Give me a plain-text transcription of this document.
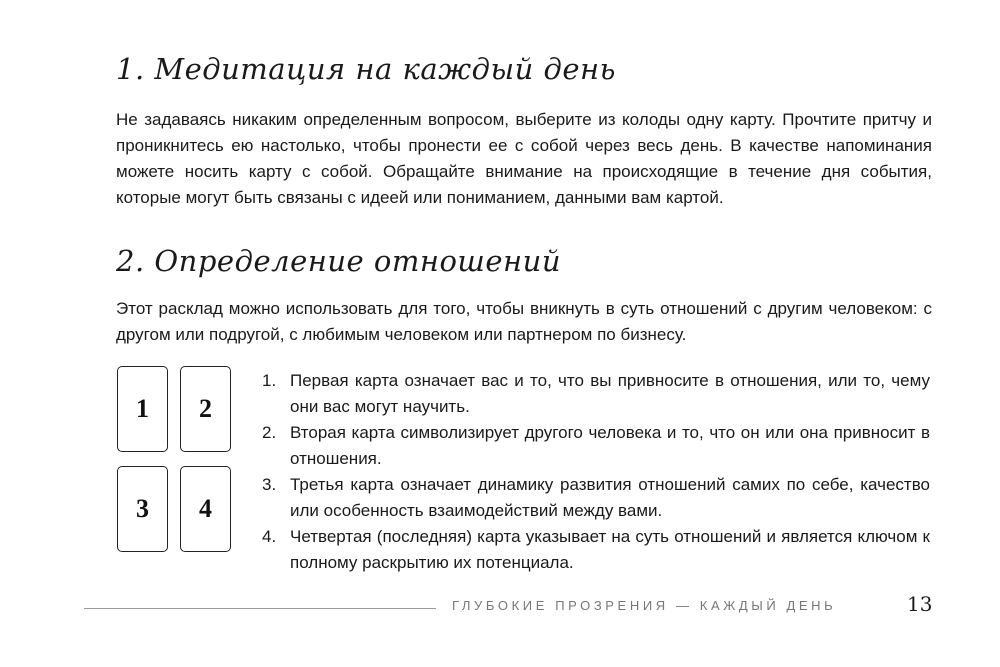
1. Медитация на каждый день

Не задаваясь никаким определенным вопросом, выберите из колоды одну карту. Прочтите притчу и проникнитесь ею настолько, чтобы пронести ее с собой через весь день. В качестве напоминания можете носить карту с собой. Обращайте внимание на происходящие в течение дня события, которые могут быть связаны с идеей или пониманием, данными вам картой.

2. Определение отношений

Этот расклад можно использовать для того, чтобы вникнуть в суть отношений с другим человеком: с другом или подругой, с любимым человеком или партнером по бизнесу.

1	2
3	4
1. Первая карта означает вас и то, что вы привносите в отношения, или то, чему они вас могут научить.
2. Вторая карта символизирует другого человека и то, что он или она привносит в отношения.
3. Третья карта означает динамику развития отношений самих по себе, качество или особенность взаимодействий между вами.
4. Четвертая (последняя) карта указывает на суть отношений и является ключом к полному раскрытию их потенциала.
ГЛУБОКИЕ ПРОЗРЕНИЯ — КАЖДЫЙ ДЕНЬ	13
